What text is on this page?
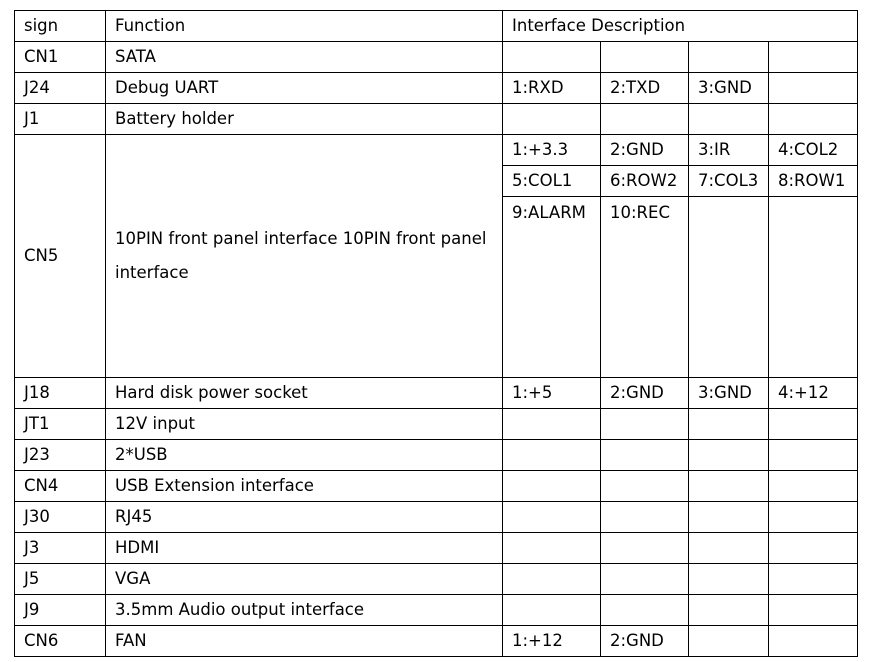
sign	Function	Interface Description			
CN1	SATA				
J24	Debug UART	1:RXD	2:TXD	3:GND	
J1	Battery holder				
CN5	10PIN front panel interface 10PIN front panel interface	1:+3.3	2:GND	3:IR	4:COL2
		5:COL1	6:ROW2	7:COL3	8:ROW1
		9:ALARM	10:REC		
J18	Hard disk power socket	1:+5	2:GND	3:GND	4:+12
JT1	12V input				
J23	2*USB				
CN4	USB Extension interface				
J30	RJ45				
J3	HDMI				
J5	VGA				
J9	3.5mm Audio output interface				
CN6	FAN	1:+12	2:GND		
